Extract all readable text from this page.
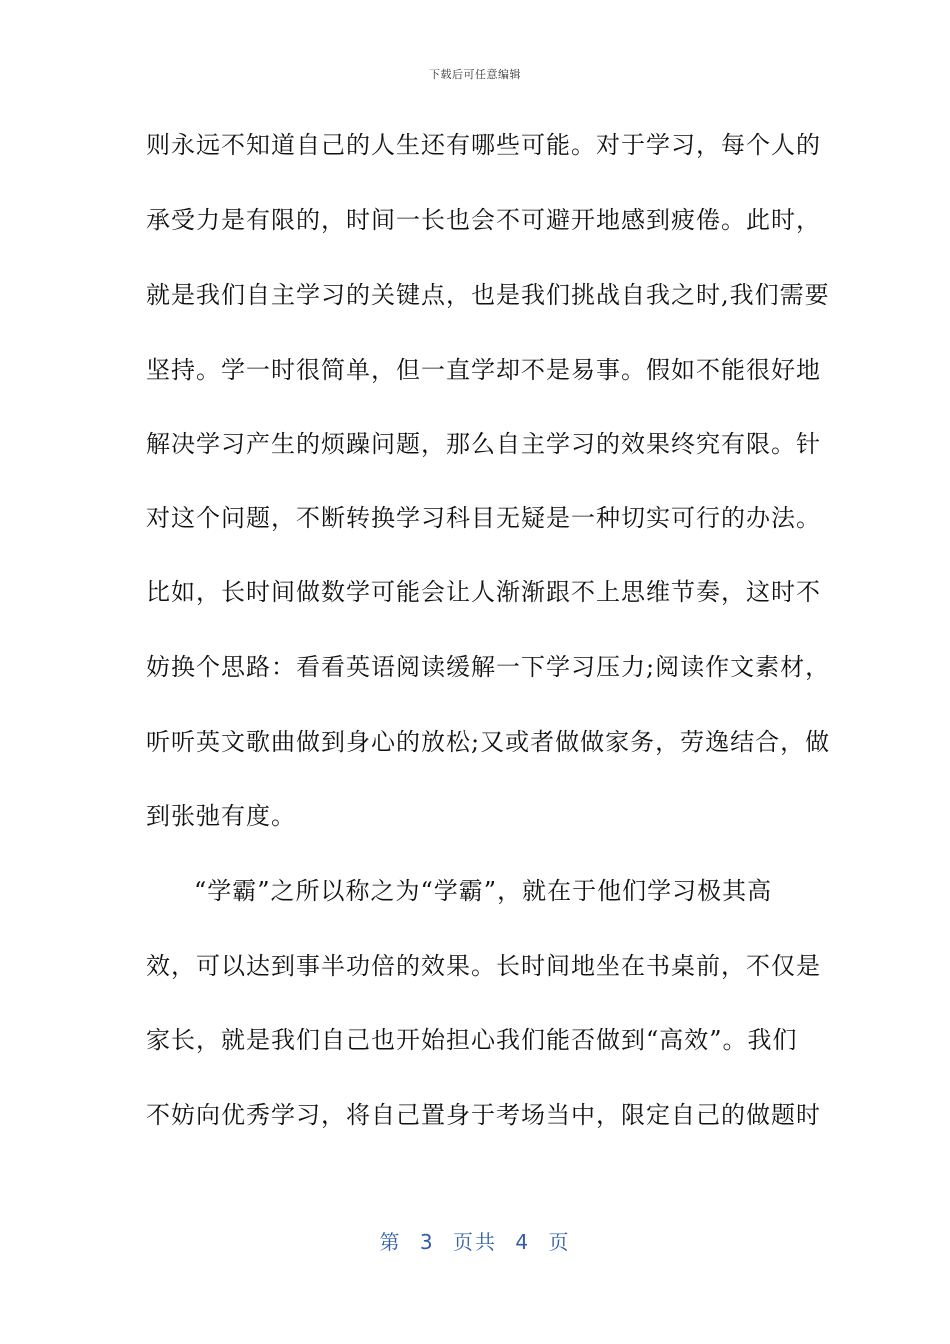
下载后可任意编辑
则永远不知道自己的人生还有哪些可能。对于学习，每个人的
承受力是有限的，时间一长也会不可避开地感到疲倦。此时，
就是我们自主学习的关键点，也是我们挑战自我之时,我们需要
坚持。学一时很简单，但一直学却不是易事。假如不能很好地
解决学习产生的烦躁问题，那么自主学习的效果终究有限。针
对这个问题，不断转换学习科目无疑是一种切实可行的办法。
比如，长时间做数学可能会让人渐渐跟不上思维节奏，这时不
妨换个思路：看看英语阅读缓解一下学习压力;阅读作文素材，
听听英文歌曲做到身心的放松;又或者做做家务，劳逸结合，做
到张弛有度。
“学霸”之所以称之为“学霸”，就在于他们学习极其高
效，可以达到事半功倍的效果。长时间地坐在书桌前，不仅是
家长，就是我们自己也开始担心我们能否做到“高效”。我们
不妨向优秀学习，将自己置身于考场当中，限定自己的做题时
第 3 页共 4 页
